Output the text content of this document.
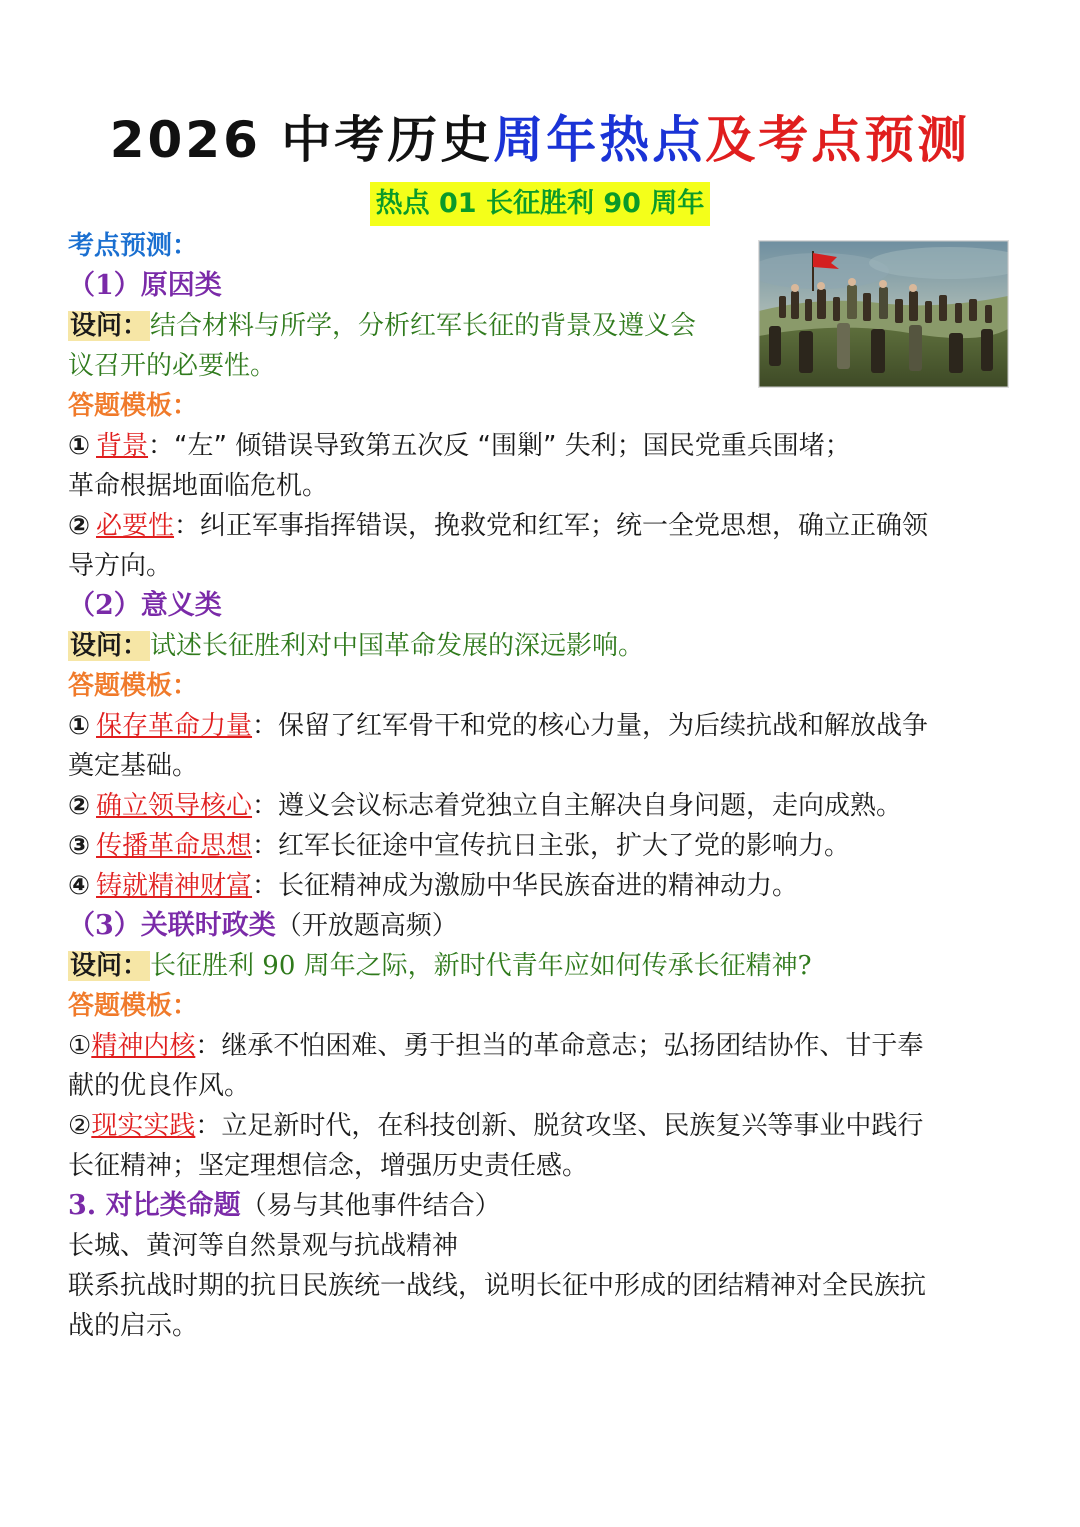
2026 中考历史周年热点及考点预测
热点 01 长征胜利 90 周年
考点预测：
（1）原因类
设问：结合材料与所学，分析红军长征的背景及遵义会
议召开的必要性。
答题模板：
① 背景：“左” 倾错误导致第五次反 “围剿” 失利；国民党重兵围堵；
革命根据地面临危机。
② 必要性：纠正军事指挥错误，挽救党和红军；统一全党思想，确立正确领
导方向。
（2）意义类
设问：试述长征胜利对中国革命发展的深远影响。
答题模板：
① 保存革命力量：保留了红军骨干和党的核心力量，为后续抗战和解放战争
奠定基础。
② 确立领导核心：遵义会议标志着党独立自主解决自身问题，走向成熟。
③ 传播革命思想：红军长征途中宣传抗日主张，扩大了党的影响力。
④ 铸就精神财富：长征精神成为激励中华民族奋进的精神动力。
（3）关联时政类（开放题高频）
设问：长征胜利 90 周年之际，新时代青年应如何传承长征精神?
答题模板：
①精神内核：继承不怕困难、勇于担当的革命意志；弘扬团结协作、甘于奉
献的优良作风。
②现实实践：立足新时代，在科技创新、脱贫攻坚、民族复兴等事业中践行
长征精神；坚定理想信念，增强历史责任感。
3. 对比类命题（易与其他事件结合）
长城、黄河等自然景观与抗战精神
联系抗战时期的抗日民族统一战线，说明长征中形成的团结精神对全民族抗
战的启示。
